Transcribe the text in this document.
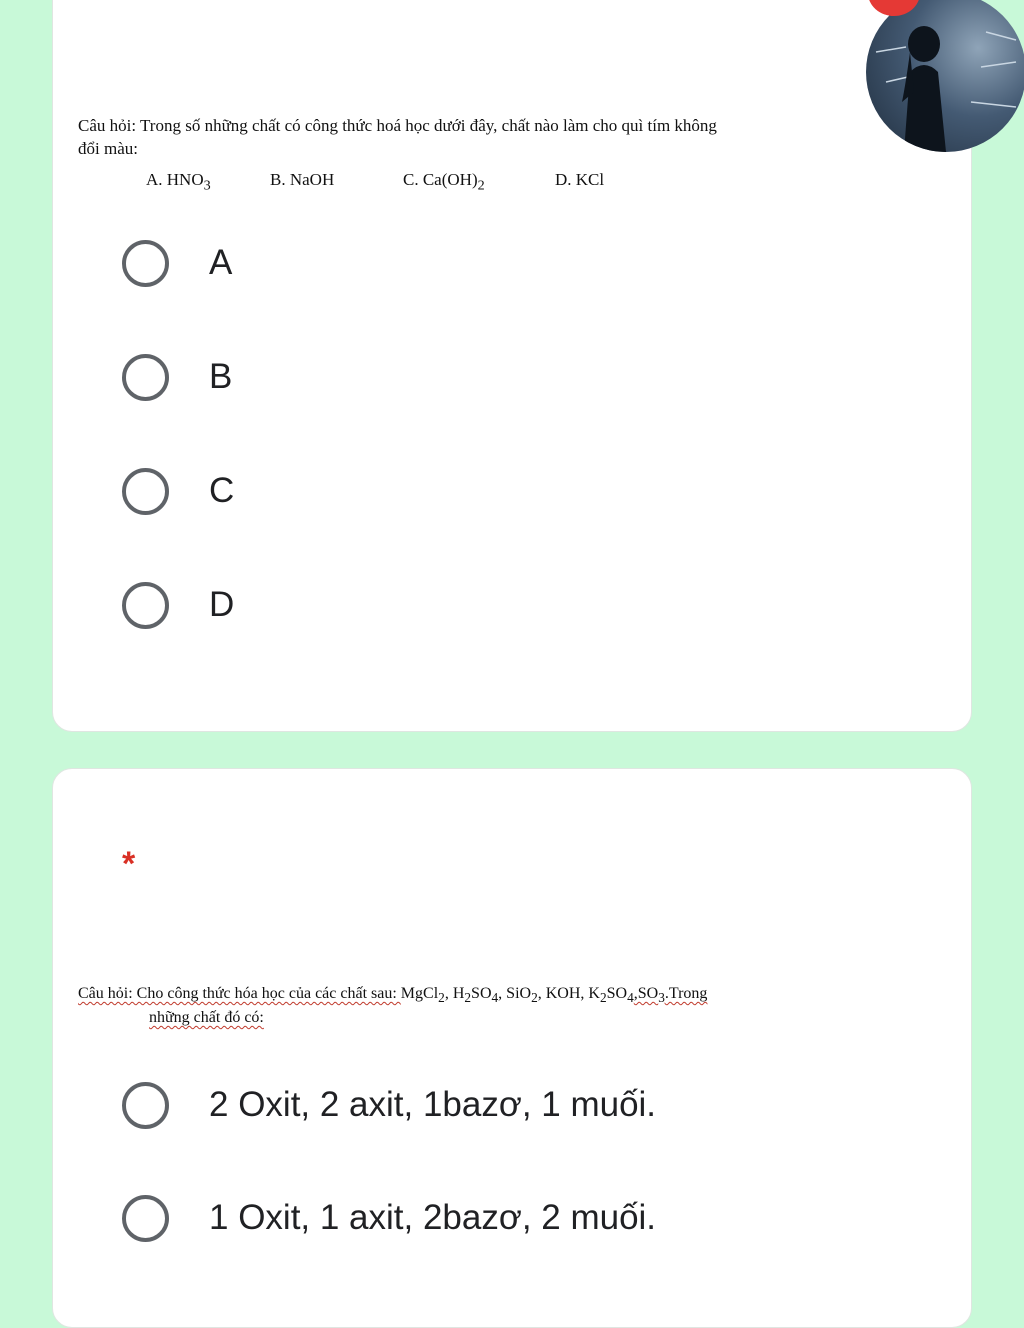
Câu hỏi: Trong số những chất có công thức hoá học dưới đây, chất nào làm cho quì tím không
đổi màu:
A. $HNO_3$	B. NaOH	C. $Ca(OH)_2$	D. KCl
A
B
C
D
*
Câu hỏi: Cho công thức hóa học của các chất sau: MgCl$_2$, $H_2SO_4$, SiO$_2$, KOH, $K_2SO_4,SO_3.Trong$
những chất đó có:
2 Oxit, 2 axit, 1bazơ, 1 muối.
1 Oxit, 1 axit, 2bazơ, 2 muối.
